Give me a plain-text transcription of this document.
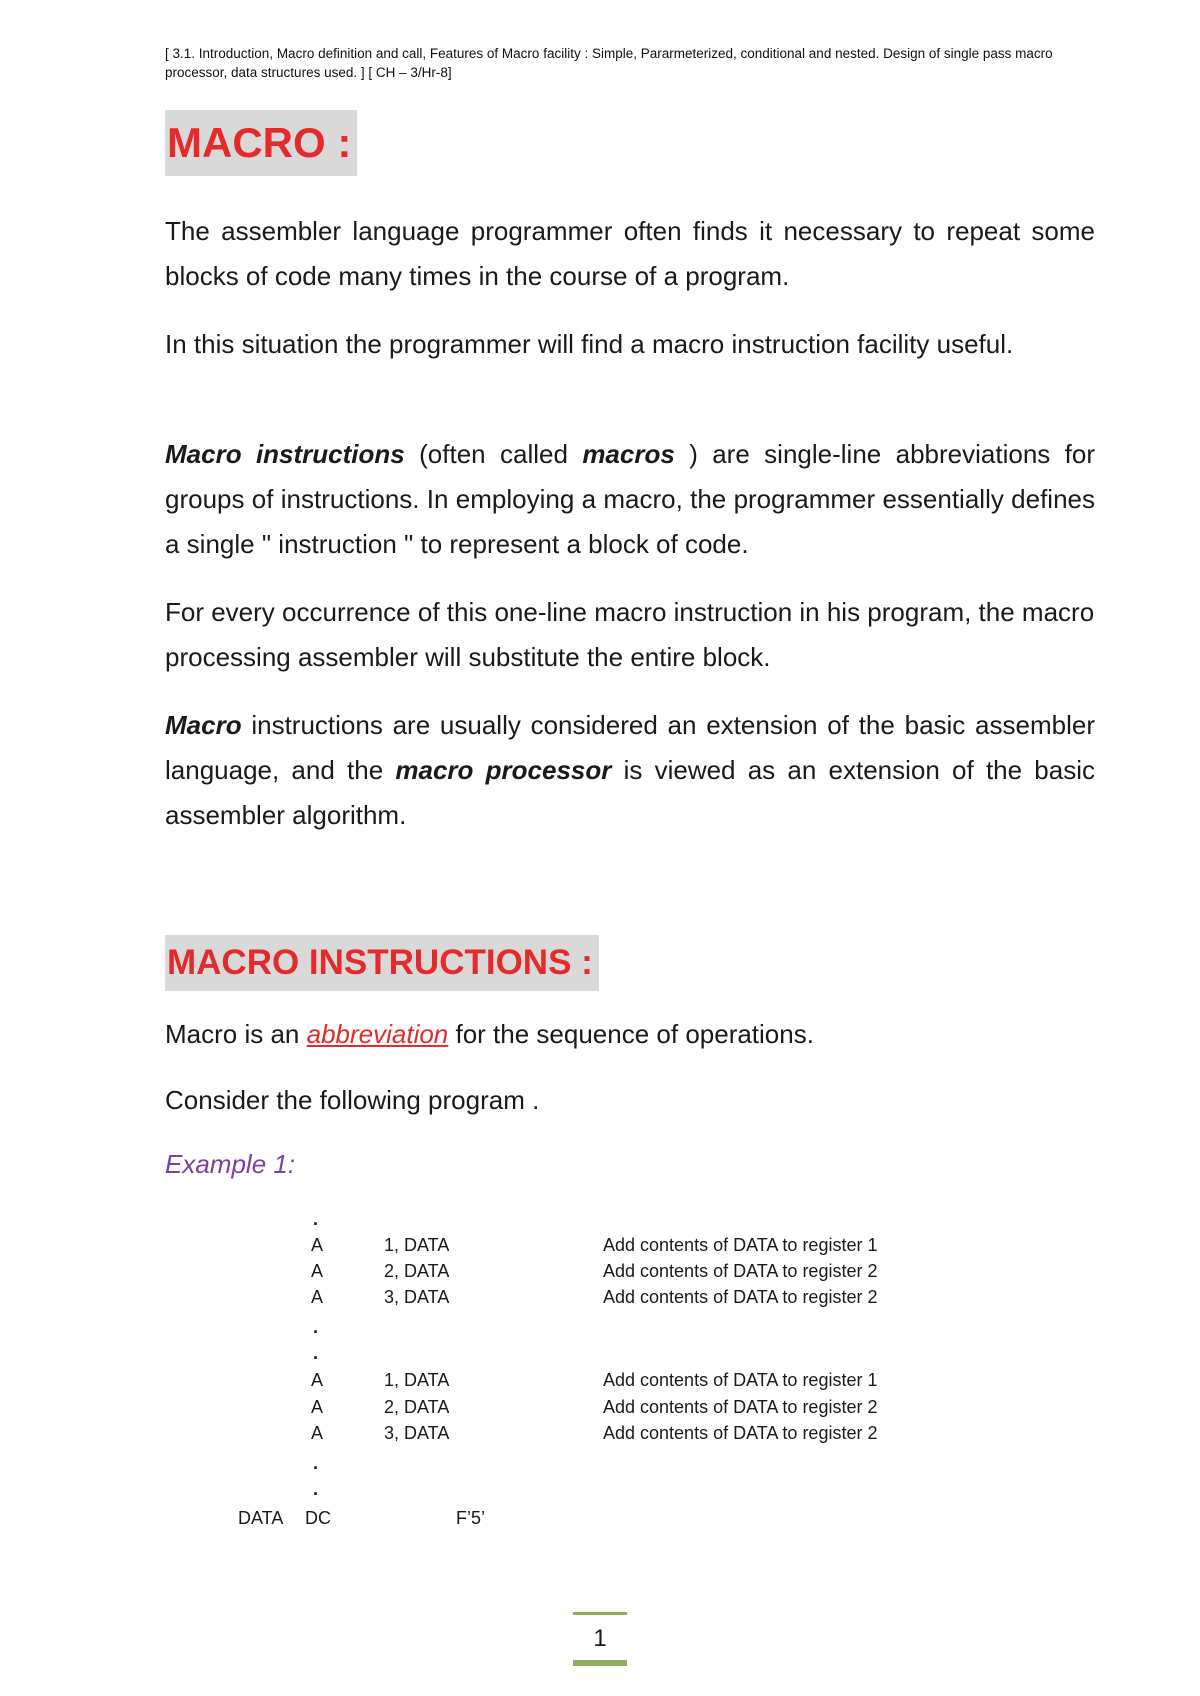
[ 3.1. Introduction, Macro definition and call, Features of Macro facility : Simple, Pararmeterized, conditional and nested. Design of single pass macro processor, data structures used. ] [ CH – 3/Hr-8]
MACRO :

The assembler language programmer often finds it necessary to repeat some blocks of code many times in the course of a program.

In this situation the programmer will find a macro instruction facility useful.

Macro instructions (often called macros ) are single-line abbreviations for groups of instructions. In employing a macro, the programmer essentially defines a single " instruction " to represent a block of code.

For every occurrence of this one-line macro instruction in his program, the macro processing assembler will substitute the entire block.

Macro instructions are usually considered an extension of the basic assembler language, and the macro processor is viewed as an extension of the basic assembler algorithm.

MACRO INSTRUCTIONS :

Macro is an abbreviation for the sequence of operations.

Consider the following program .

Example 1:
.
A	1, DATA	Add contents of DATA to register 1
A	2, DATA	Add contents of DATA to register 2
A	3, DATA	Add contents of DATA to register 2
.
.
A	1, DATA	Add contents of DATA to register 1
A	2, DATA	Add contents of DATA to register 2
A	3, DATA	Add contents of DATA to register 2
.
.
DATA DC	F’5’
1
